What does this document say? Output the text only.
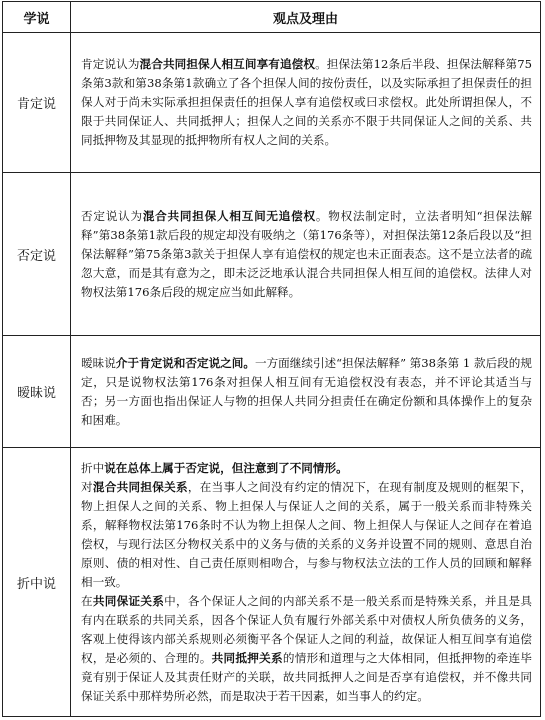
学说	观点及理由
肯定说	肯定说认为混合共同担保人相互间享有追偿权。担保法第12条后半段、担保法解释第75条第3款和第38条第1款确立了各个担保人间的按份责任，以及实际承担了担保责任的担保人对于尚未实际承担担保责任的担保人享有追偿权或曰求偿权。此处所谓担保人，不限于共同保证人、共同抵押人；担保人之间的关系亦不限于共同保证人之间的关系、共同抵押物及其显现的抵押物所有权人之间的关系。

否定说	否定说认为混合共同担保人相互间无追偿权。物权法制定时，立法者明知“担保法解释”第38条第1款后段的规定却没有吸纳之（第176条等），对担保法第12条后段以及“担保法解释”第75条第3款关于担保人享有追偿权的规定也未正面表态。这不是立法者的疏忽大意，而是其有意为之，即未泛泛地承认混合共同担保人相互间的追偿权。法律人对物权法第176条后段的规定应当如此解释。

暧昧说	暧昧说介于肯定说和否定说之间。一方面继续引述“担保法解释” 第38条第 1 款后段的规定，只是说物权法第176条对担保人相互间有无追偿权没有表态，并不评论其适当与否；另一方面也指出保证人与物的担保人共同分担责任在确定份额和具体操作上的复杂和困难。

折中说	折中说在总体上属于否定说，但注意到了不同情形。

对混合共同担保关系，在当事人之间没有约定的情况下，在现有制度及规则的框架下，物上担保人之间的关系、物上担保人与保证人之间的关系，属于一般关系而非特殊关系，解释物权法第176条时不认为物上担保人之间、物上担保人与保证人之间存在着追偿权，与现行法区分物权关系中的义务与债的关系的义务并设置不同的规则、意思自治原则、债的相对性、自己责任原则相吻合，与参与物权法立法的工作人员的回顾和解释相一致。

在共同保证关系中，各个保证人之间的内部关系不是一般关系而是特殊关系，并且是具有内在联系的共同关系，因各个保证人负有履行外部关系中对债权人所负债务的义务，客观上使得该内部关系规则必须衡平各个保证人之间的利益，故保证人相互间享有追偿权，是必须的、合理的。共同抵押关系的情形和道理与之大体相同，但抵押物的牵连毕竟有别于保证人及其责任财产的关联，故共同抵押人之间是否享有追偿权，并不像共同保证关系中那样势所必然，而是取决于若干因素，如当事人的约定。
